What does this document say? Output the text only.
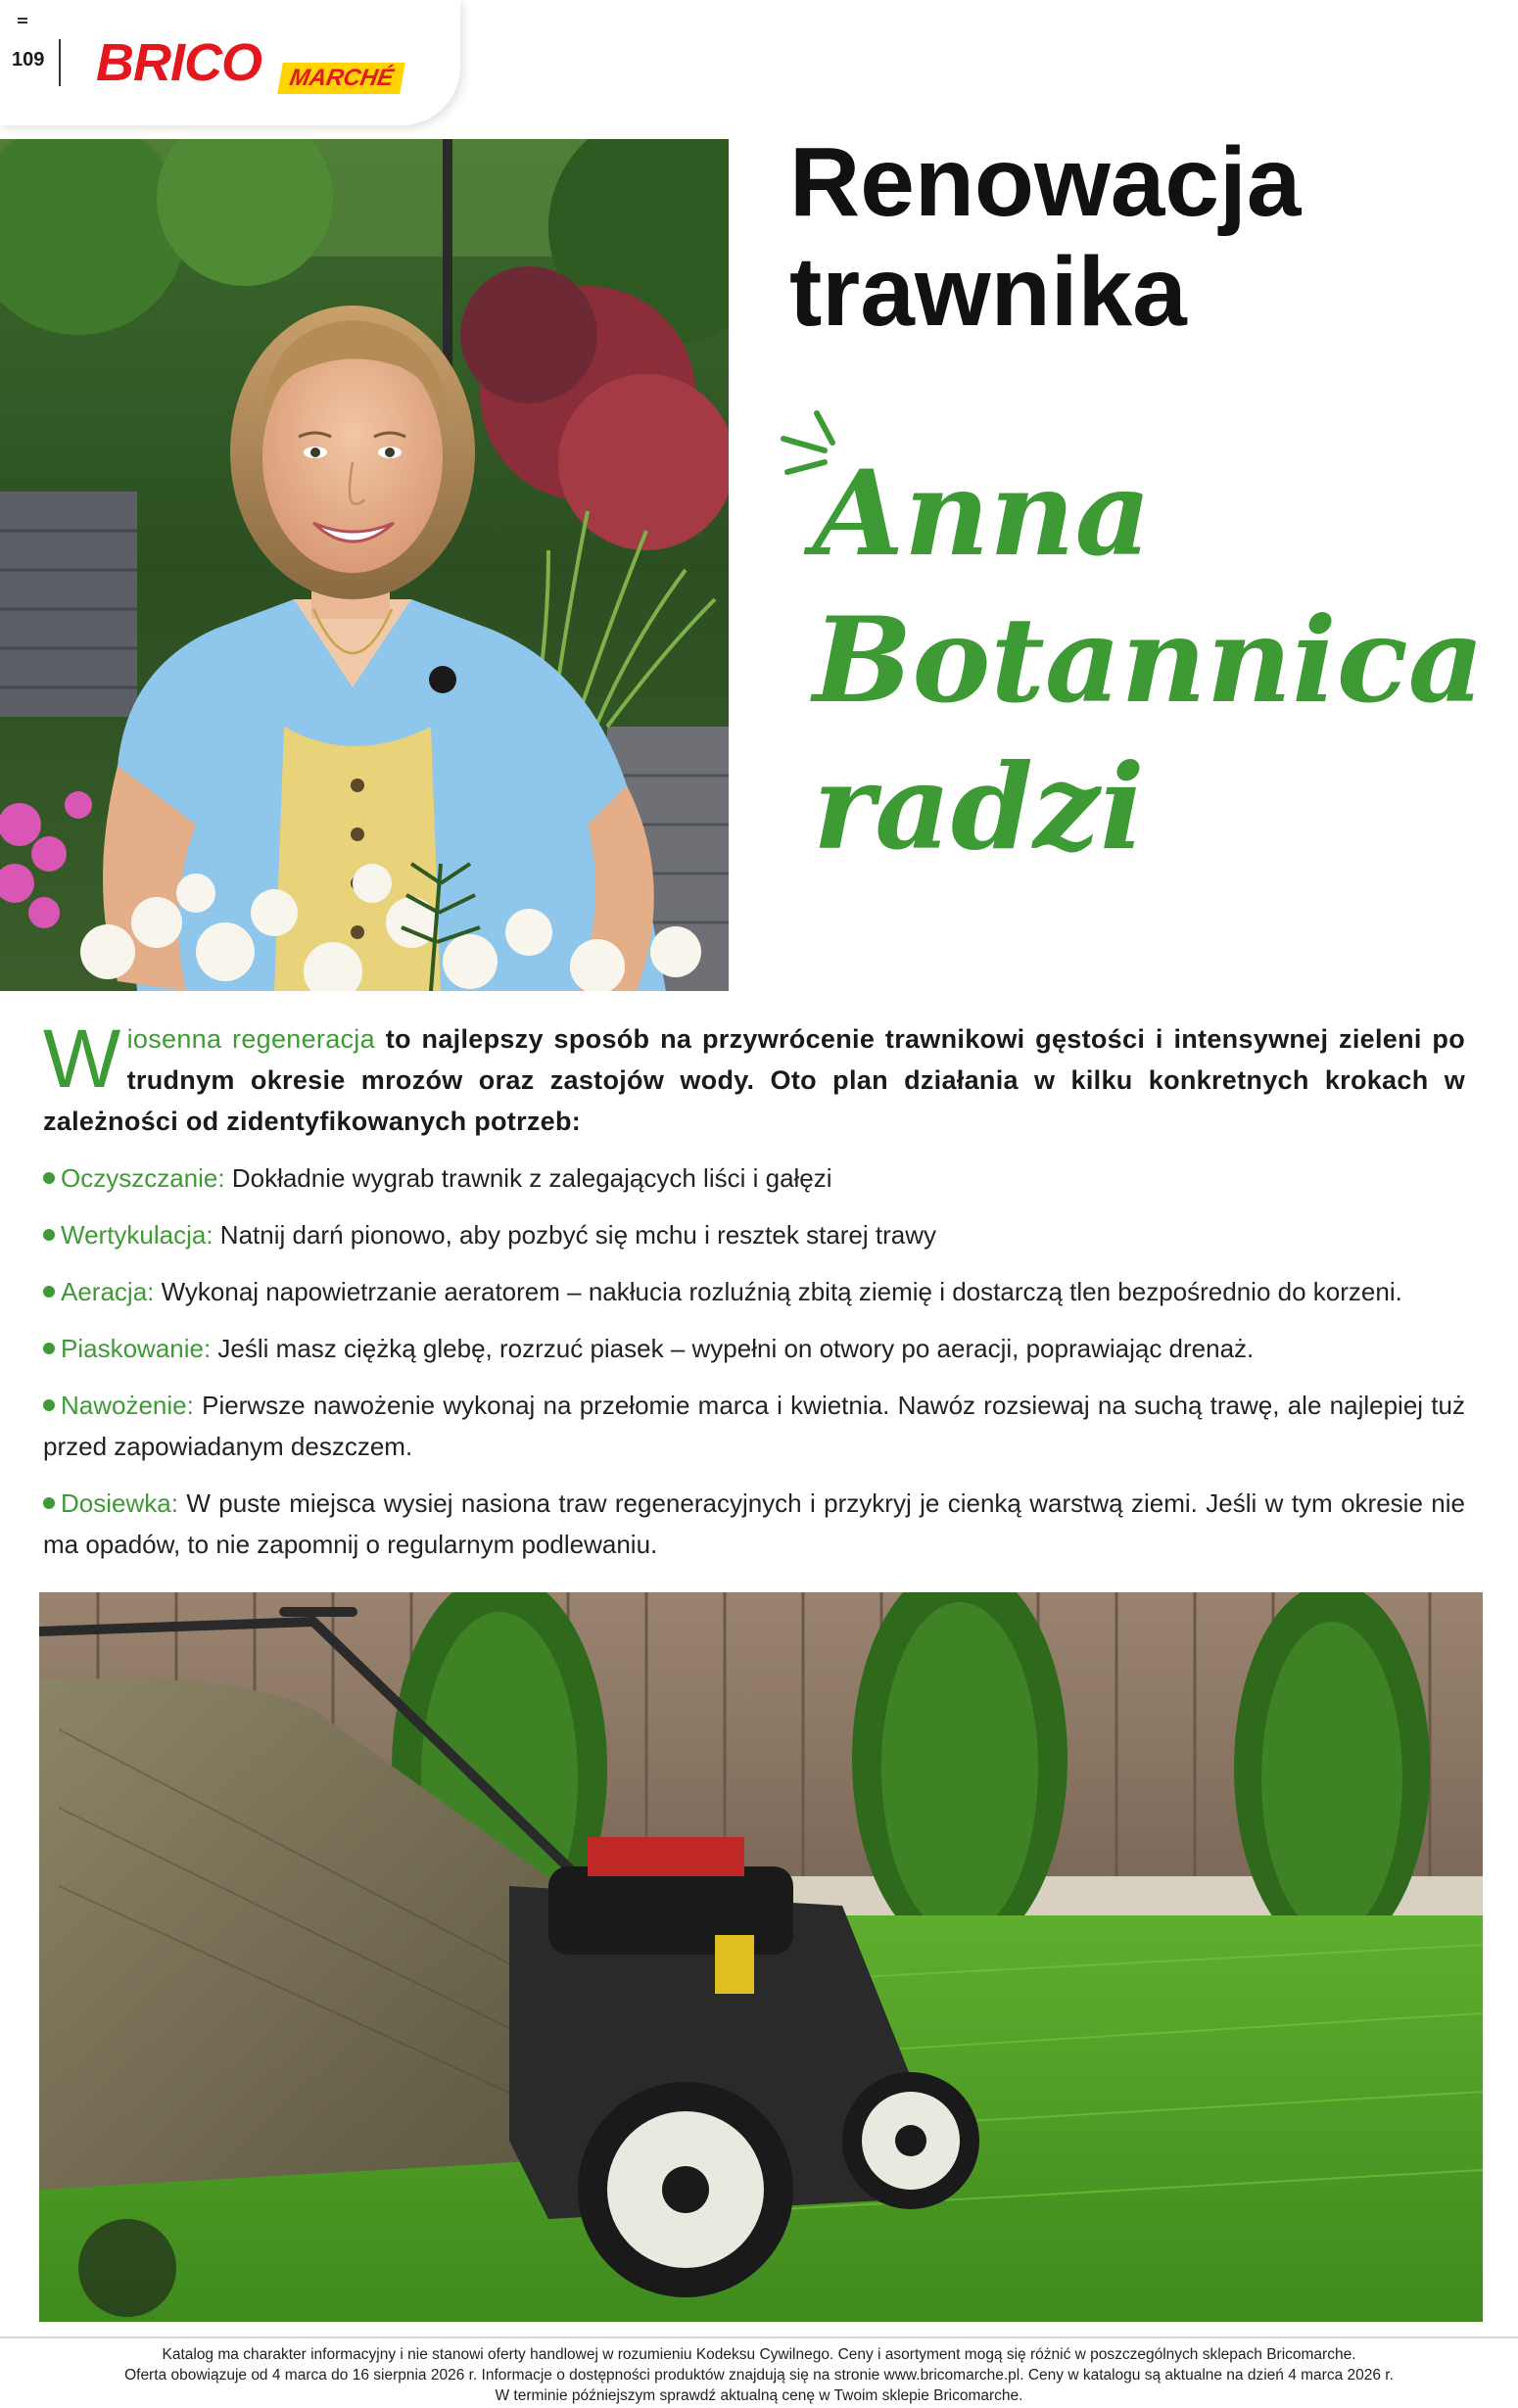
109 BRICO	MARCHÉ
Renowacja
trawnika
Anna
Botannica
radzi

Wiosenna regeneracja to najlepszy sposób na przywrócenie trawnikowi gęstości i intensywnej zieleni po trudnym okresie mrozów oraz zastojów wody. Oto plan działania w kilku konkretnych krokach w zależności od zidentyfikowanych potrzeb:

Oczyszczanie: Dokładnie wygrab trawnik z zalegających liści i gałęzi
Wertykulacja: Natnij darń pionowo, aby pozbyć się mchu i resztek starej trawy
Aeracja: Wykonaj napowietrzanie aeratorem – nakłucia rozluźnią zbitą ziemię i dostarczą tlen bezpośrednio do korzeni.
Piaskowanie: Jeśli masz ciężką glebę, rozrzuć piasek – wypełni on otwory po aeracji, poprawiając drenaż.
Nawożenie: Pierwsze nawożenie wykonaj na przełomie marca i kwietnia. Nawóz rozsiewaj na suchą trawę, ale najlepiej tuż przed zapowiadanym deszczem.
Dosiewka: W puste miejsca wysiej nasiona traw regeneracyjnych i przykryj je cienką warstwą ziemi. Jeśli w tym okresie nie ma opadów, to nie zapomnij o regularnym podlewaniu.

Katalog ma charakter informacyjny i nie stanowi oferty handlowej w rozumieniu Kodeksu Cywilnego. Ceny i asortyment mogą się różnić w poszczególnych sklepach Bricomarche.

Oferta obowiązuje od 4 marca do 16 sierpnia 2026 r. Informacje o dostępności produktów znajdują się na stronie www.bricomarche.pl. Ceny w katalogu są aktualne na dzień 4 marca 2026 r.

W terminie późniejszym sprawdź aktualną cenę w Twoim sklepie Bricomarche.
